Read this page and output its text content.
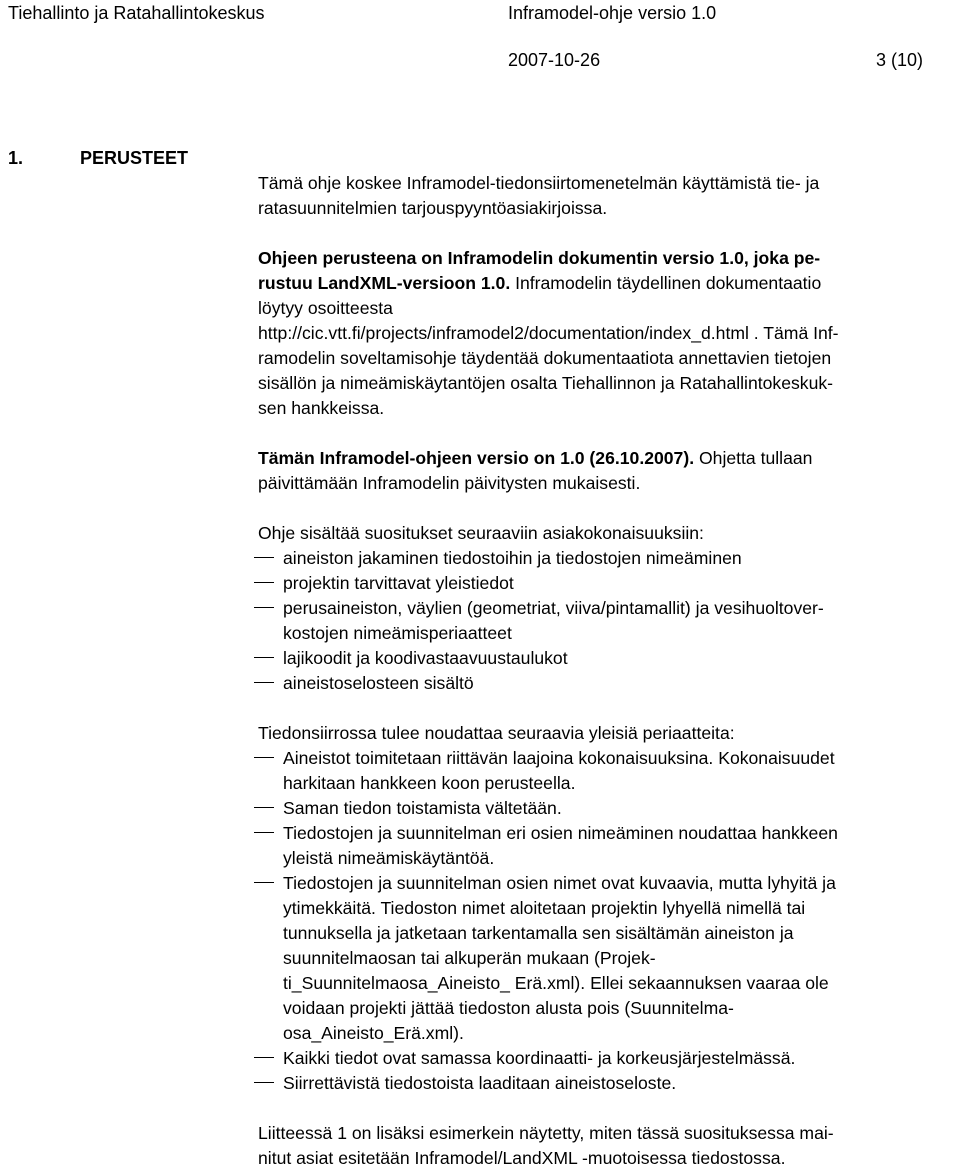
Tiehallinto ja Ratahallintokeskus	Inframodel-ohje versio 1.0
2007-10-26	3 (10)
1.	PERUSTEET

Tämä ohje koskee Inframodel-tiedonsiirtomenetelmän käyttämistä tie- ja
ratasuunnitelmien tarjouspyyntöasiakirjoissa.

Ohjeen perusteena on Inframodelin dokumentin versio 1.0, joka pe-
rustuu LandXML-versioon 1.0. Inframodelin täydellinen dokumentaatio
löytyy osoitteesta
http://cic.vtt.fi/projects/inframodel2/documentation/index_d.html . Tämä Inf-
ramodelin soveltamisohje täydentää dokumentaatiota annettavien tietojen
sisällön ja nimeämiskäytantöjen osalta Tiehallinnon ja Ratahallintokeskuk-
sen hankkeissa.

Tämän Inframodel-ohjeen versio on 1.0 (26.10.2007). Ohjetta tullaan
päivittämään Inframodelin päivitysten mukaisesti.

Ohje sisältää suositukset seuraaviin asiakokonaisuuksiin:

aineiston jakaminen tiedostoihin ja tiedostojen nimeäminen
projektin tarvittavat yleistiedot
perusaineiston, väylien (geometriat, viiva/pintamallit) ja vesihuoltover-
kostojen nimeämisperiaatteet
lajikoodit ja koodivastaavuustaulukot
aineistoselosteen sisältö

Tiedonsiirrossa tulee noudattaa seuraavia yleisiä periaatteita:

Aineistot toimitetaan riittävän laajoina kokonaisuuksina. Kokonaisuudet
harkitaan hankkeen koon perusteella.
Saman tiedon toistamista vältetään.
Tiedostojen ja suunnitelman eri osien nimeäminen noudattaa hankkeen
yleistä nimeämiskäytäntöä.
Tiedostojen ja suunnitelman osien nimet ovat kuvaavia, mutta lyhyitä ja
ytimekkäitä. Tiedoston nimet aloitetaan projektin lyhyellä nimellä tai
tunnuksella ja jatketaan tarkentamalla sen sisältämän aineiston ja
suunnitelmaosan tai alkuperän mukaan (Projek-
ti_Suunnitelmaosa_Aineisto_ Erä.xml). Ellei sekaannuksen vaaraa ole
voidaan projekti jättää tiedoston alusta pois (Suunnitelma-
osa_Aineisto_Erä.xml).
Kaikki tiedot ovat samassa koordinaatti- ja korkeusjärjestelmässä.
Siirrettävistä tiedostoista laaditaan aineistoseloste.

Liitteessä 1 on lisäksi esimerkein näytetty, miten tässä suosituksessa mai-
nitut asiat esitetään Inframodel/LandXML -muotoisessa tiedostossa.
